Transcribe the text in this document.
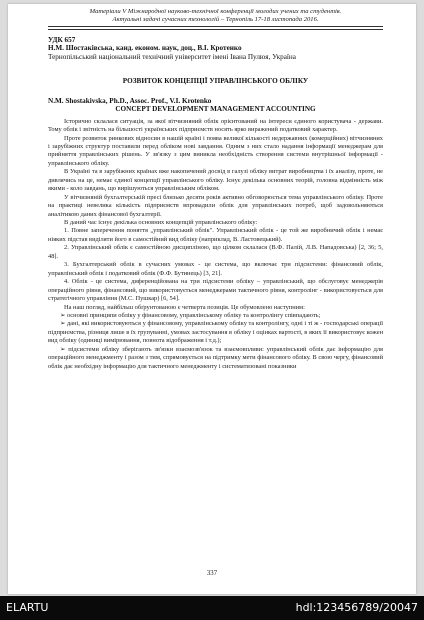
Матеріали V Міжнародної науково-технічної конференції молодих учених та студентів.
Актуальні задачі сучасних технологій – Тернопіль 17-18 листопада 2016.
УДК 657
Н.М. Шостаківська, канд. економ. наук, доц., В.І. Кротенко
Тернопільський національний технічний університет імені Івана Пулюя, Україна
РОЗВИТОК КОНЦЕПЦІЇ УПРАВЛІНСЬКОГО ОБЛІКУ
N.M. Shostakivska, Ph.D., Assoc. Prof., V.I. Krotenko
CONCEPT DEVELOPMENT MANAGEMENT ACCOUNTING

Історично склалася ситуація, за якої вітчизняний облік орієнтований на інтереси єдиного користувача - держави. Тому облік і звітність на більшості українських підприємств носять ярко виражений податковий характер.

Проте розвиток ринкових відносин в нашій країні і поява великої кількості недержавних (комерційних) вітчизняних і зарубіжних структур поставили перед обліком нові завдання. Одним з них стало надання інформації менеджерам для прийняття управлінських рішень. У зв'язку з цим виникла необхідність створення системи внутрішньої інформації - управлінського обліку.

В Україні та в зарубіжних країнах вже накопичений досвід в галузі обліку витрат виробництва і їх аналізу, проте, не дивлячись на це, немає єдиної концепції управлінського обліку. Існує декілька основних теорій, головна відмінність між якими - коло завдань, що вирішуються управлінським обліком.

У вітчизняній бухгалтерській пресі близько десяти років активно обговорюється тема управлінського обліку. Проте на практиці невелика кількість підприємств впровадили облік для управлінських потреб, щоб задовольняються аналітикою даних фінансової бухгалтерії.

В даний час існує декілька основних концепцій управлінського обліку:

1. Повне заперечення поняття „управлінський облік". Управлінський облік - це той же виробничий облік і немає ніяких підстав виділяти його в самостійний вид обліку (наприклад, В. Ластовецький).

2. Управлінський облік є самостійною дисципліною, що цілком склалася (В.Ф. Палій, Л.В. Нападовська) [2, 36; 5, 48].

3. Бухгалтерський облік в сучасних умовах - це система, що включає три підсистеми: фінансовий облік, управлінський облік і податковий облік (Ф.Ф. Бутинець) [3, 21].

4. Облік - це система, диференційована на три підсистеми обліку – управлінський, що обслуговує менеджерів операційного рівня, фінансовий, що використовується менеджерами тактичного рівня, контролінг - використовується для стратегічного управління (М.С. Пушкар) [6, 54].

На наш погляд, найбільш обґрунтованою є четверта позиція. Це обумовлено наступним:

➢ основні принципи обліку у фінансовому, управлінському обліку та контролінгу співпадають;

➢ дані, які використовуються у фінансовому, управлінському обліку та контролінгу, одні і ті ж - господарські операції підприємства, різниця лише в їх групуванні, умовах застосування в обліку і оцінках вартості, в яких її використовує кожен вид обліку (одиниці вимірювання, повнота відображення і т.д.);

➢ підсистеми обліку зберігають зв'язки взаємозв'язок та взаємовпливи: управлінський облік дає інформацію для операційного менеджменту і разом з тим, спрямовується на підтримку мети фінансового обліку. В свою чергу, фінансовий облік дає необхідну інформацію для тактичного менеджменту і систематизовані показники

337
ELARTU	hdl:123456789/20047
